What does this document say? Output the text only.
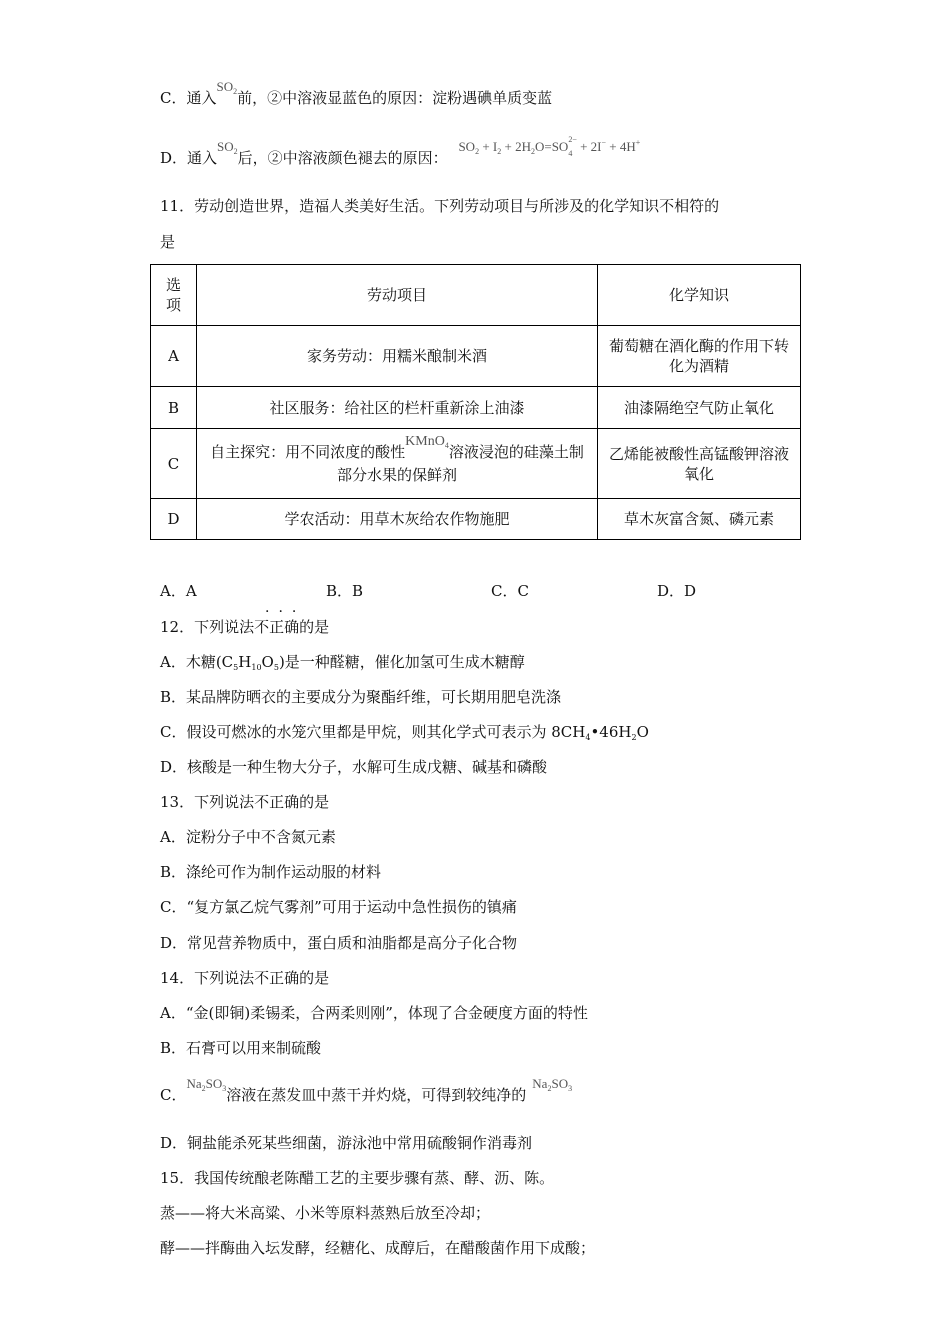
C．通入$SO_2$前，②中溶液显蓝色的原因：淀粉遇碘单质变蓝
D．通入$SO_2$后，②中溶液颜色褪去的原因： $SO_2 + I_2 + 2H_2O=SO$ 2−
4 + 2I− + 4H+
11．劳动创造世界，造福人类美好生活。下列劳动项目与所涉及的化学知识不相符的
是
选
项	劳动项目	化学知识
A	家务劳动：用糯米酿制米酒	葡萄糖在酒化酶的作用下转化为酒精
B	社区服务：给社区的栏杆重新涂上油漆	油漆隔绝空气防止氧化
C	自主探究：用不同浓度的酸性KMnO$_4$溶液浸泡的硅藻土制部分水果的保鲜剂	乙烯能被酸性高锰酸钾溶液氧化
D	学农活动：用草木灰给农作物施肥	草木灰富含氮、磷元素
A．A	B．B	C．C	D．D
···
12．下列说法不正确的是
A．木糖$(C_5H_{10}O_5)$是一种醛糖，催化加氢可生成木糖醇
B．某品牌防晒衣的主要成分为聚酯纤维，可长期用肥皂洗涤
C．假设可燃冰的水笼穴里都是甲烷，则其化学式可表示为 $8CH_4•46H_2O$
D．核酸是一种生物大分子，水解可生成戊糖、碱基和磷酸
13．下列说法不正确的是
A．淀粉分子中不含氮元素
B．涤纶可作为制作运动服的材料
C．“复方氯乙烷气雾剂”可用于运动中急性损伤的镇痛
D．常见营养物质中，蛋白质和油脂都是高分子化合物
14．下列说法不正确的是
A．“金(即铜)柔锡柔，合两柔则刚”，体现了合金硬度方面的特性
B．石膏可以用来制硫酸
C．$Na_2SO_3$溶液在蒸发皿中蒸干并灼烧，可得到较纯净的$Na_2SO_3$
D．铜盐能杀死某些细菌，游泳池中常用硫酸铜作消毒剂
15．我国传统酿老陈醋工艺的主要步骤有蒸、酵、沥、陈。
蒸——将大米高粱、小米等原料蒸熟后放至冷却；
酵——拌酶曲入坛发酵，经糖化、成醇后，在醋酸菌作用下成酸；
